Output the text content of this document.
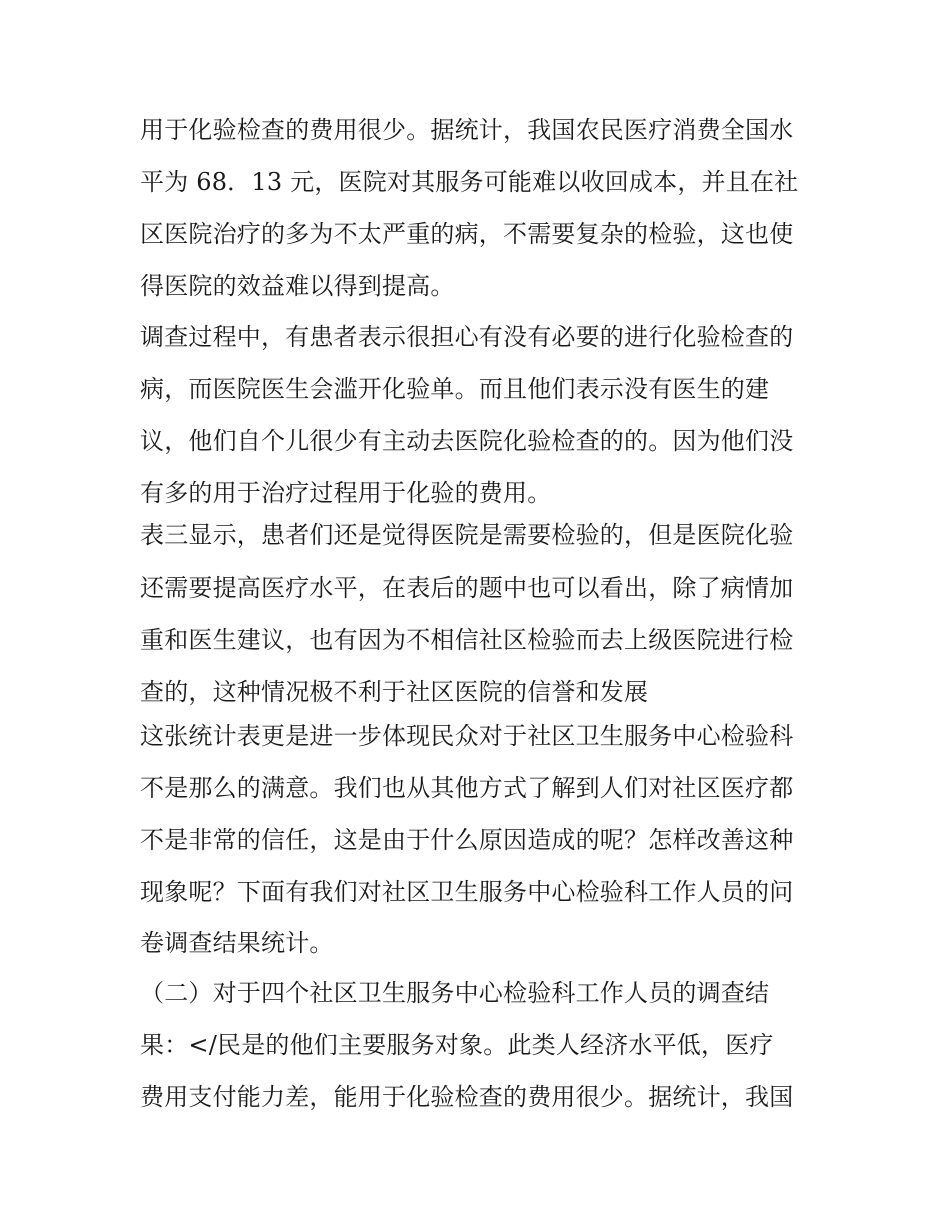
用于化验检查的费用很少。据统计，我国农民医疗消费全国水
平为 68．13 元，医院对其服务可能难以收回成本，并且在社
区医院治疗的多为不太严重的病，不需要复杂的检验，这也使
得医院的效益难以得到提高。
调查过程中，有患者表示很担心有没有必要的进行化验检查的
病，而医院医生会滥开化验单。而且他们表示没有医生的建
议，他们自个儿很少有主动去医院化验检查的的。因为他们没
有多的用于治疗过程用于化验的费用。
表三显示，患者们还是觉得医院是需要检验的，但是医院化验
还需要提高医疗水平，在表后的题中也可以看出，除了病情加
重和医生建议，也有因为不相信社区检验而去上级医院进行检
查的，这种情况极不利于社区医院的信誉和发展
这张统计表更是进一步体现民众对于社区卫生服务中心检验科
不是那么的满意。我们也从其他方式了解到人们对社区医疗都
不是非常的信任，这是由于什么原因造成的呢？怎样改善这种
现象呢？下面有我们对社区卫生服务中心检验科工作人员的问
卷调查结果统计。
（二）对于四个社区卫生服务中心检验科工作人员的调查结
果：</民是的他们主要服务对象。此类人经济水平低，医疗
费用支付能力差，能用于化验检查的费用很少。据统计，我国
